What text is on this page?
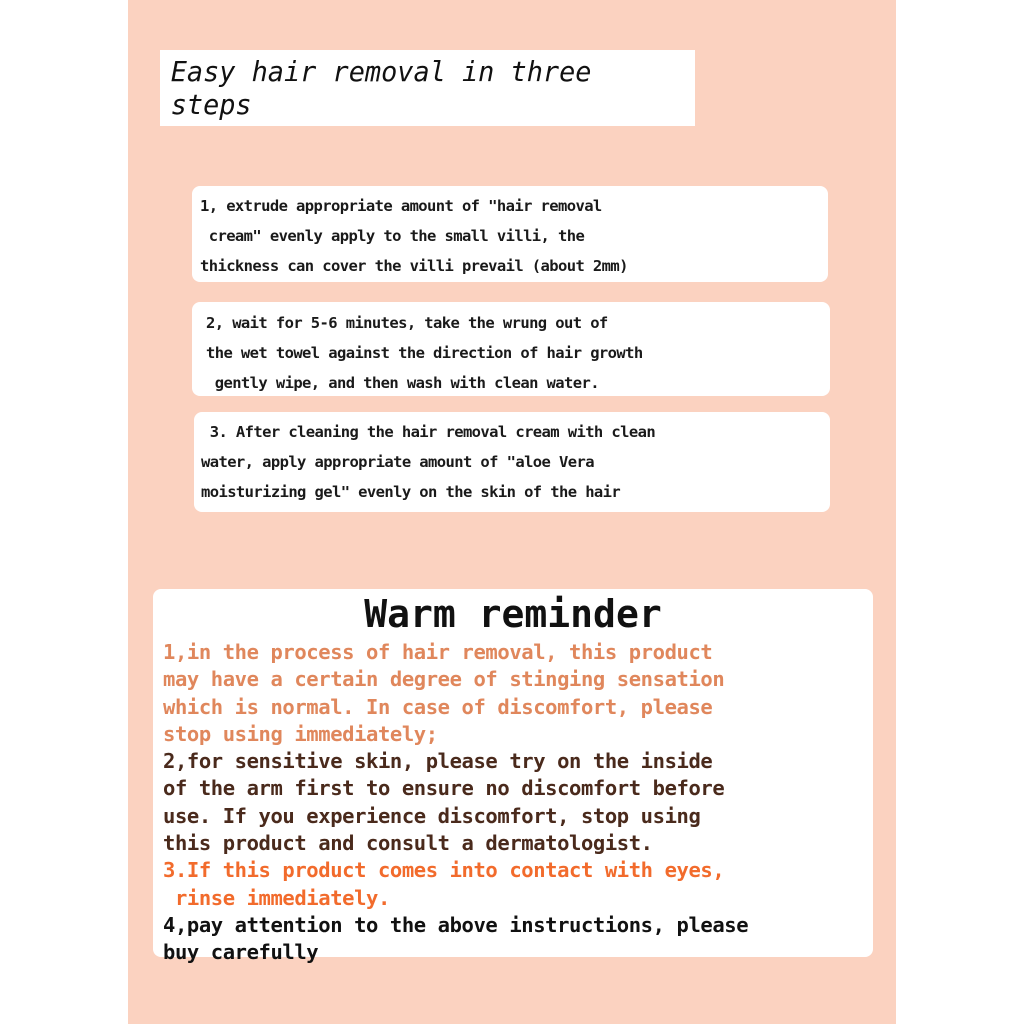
Easy hair removal in three steps
1, extrude appropriate amount of "hair removal
cream" evenly apply to the small villi, the
thickness can cover the villi prevail (about 2mm)
2, wait for 5-6 minutes, take the wrung out of
the wet towel against the direction of hair growth
gently wipe, and then wash with clean water.
3. After cleaning the hair removal cream with clean
water, apply appropriate amount of "aloe Vera
moisturizing gel" evenly on the skin of the hair
Warm reminder
1,in the process of hair removal, this product
may have a certain degree of stinging sensation
which is normal. In case of discomfort, please
stop using immediately;
2,for sensitive skin, please try on the inside
of the arm first to ensure no discomfort before
use. If you experience discomfort, stop using
this product and consult a dermatologist.
3.If this product comes into contact with eyes,
rinse immediately.
4,pay attention to the above instructions, please
buy carefully
